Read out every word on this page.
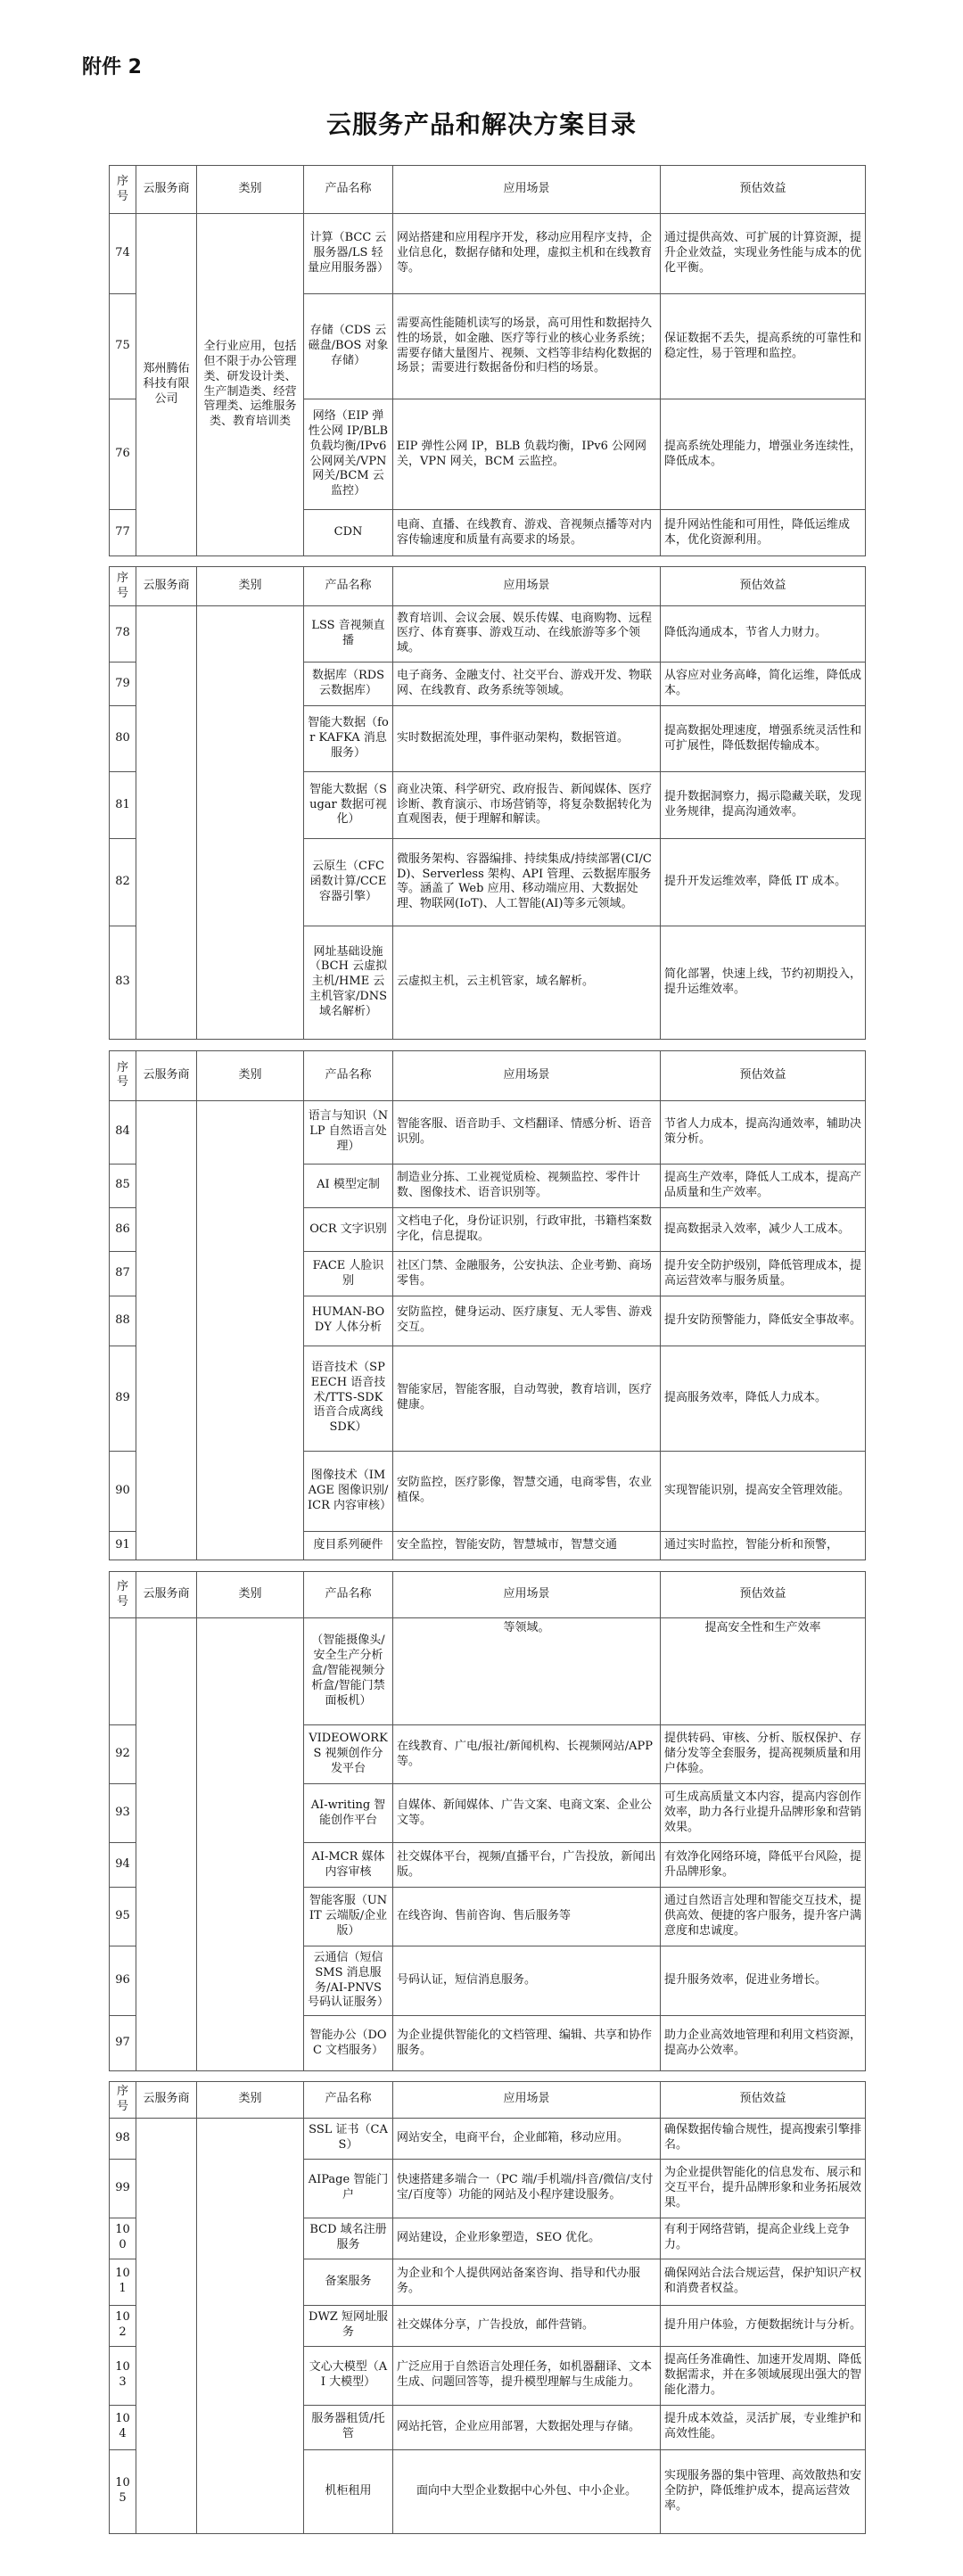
附件 2
云服务产品和解决方案目录
序号	云服务商	类别	产品名称	应用场景	预估效益
74	郑州腾佑科技有限公司	全行业应用，包括但不限于办公管理类、研发设计类、生产制造类、经营管理类、运维服务类、教育培训类	计算（BCC 云服务器/LS 轻量应用服务器）	网站搭建和应用程序开发，移动应用程序支持，企业信息化，数据存储和处理，虚拟主机和在线教育等。	通过提供高效、可扩展的计算资源，提升企业效益，实现业务性能与成本的优化平衡。
75			存储（CDS 云磁盘/BOS 对象存储）	需要高性能随机读写的场景，高可用性和数据持久性的场景，如金融、医疗等行业的核心业务系统；需要存储大量图片、视频、文档等非结构化数据的场景；需要进行数据备份和归档的场景。	保证数据不丢失，提高系统的可靠性和稳定性，易于管理和监控。
76			网络（EIP 弹性公网 IP/BLB 负载均衡/IPv6 公网网关/VPN 网关/BCM 云监控）	EIP 弹性公网 IP，BLB 负载均衡，IPv6 公网网关，VPN 网关，BCM 云监控。	提高系统处理能力，增强业务连续性，降低成本。
77			CDN	电商、直播、在线教育、游戏、音视频点播等对内容传输速度和质量有高要求的场景。	提升网站性能和可用性，降低运维成本，优化资源利用。
序号	云服务商	类别	产品名称	应用场景	预估效益
78			LSS 音视频直播	教育培训、会议会展、娱乐传媒、电商购物、远程医疗、体育赛事、游戏互动、在线旅游等多个领域。	降低沟通成本，节省人力财力。
79			数据库（RDS 云数据库）	电子商务、金融支付、社交平台、游戏开发、物联网、在线教育、政务系统等领域。	从容应对业务高峰，简化运维，降低成本。
80			智能大数据（for KAFKA 消息服务）	实时数据流处理，事件驱动架构，数据管道。	提高数据处理速度，增强系统灵活性和可扩展性，降低数据传输成本。
81			智能大数据（Sugar 数据可视化）	商业决策、科学研究、政府报告、新闻媒体、医疗诊断、教育演示、市场营销等，将复杂数据转化为直观图表，便于理解和解读。	提升数据洞察力，揭示隐藏关联，发现业务规律，提高沟通效率。
82			云原生（CFC 函数计算/CCE 容器引擎）	微服务架构、容器编排、持续集成/持续部署(CI/CD)、Serverless 架构、API 管理、云数据库服务等。涵盖了 Web 应用、移动端应用、大数据处理、物联网(IoT)、人工智能(AI)等多元领域。	提升开发运维效率，降低 IT 成本。
83			网址基础设施（BCH 云虚拟主机/HME 云主机管家/DNS 域名解析）	云虚拟主机，云主机管家，域名解析。	简化部署，快速上线，节约初期投入，提升运维效率。
序号	云服务商	类别	产品名称	应用场景	预估效益
84			语言与知识（NLP 自然语言处理）	智能客服、语音助手、文档翻译、情感分析、语音识别。	节省人力成本，提高沟通效率，辅助决策分析。
85			AI 模型定制	制造业分拣、工业视觉质检、视频监控、零件计数、图像技术、语音识别等。	提高生产效率，降低人工成本，提高产品质量和生产效率。
86			OCR 文字识别	文档电子化，身份证识别，行政审批，书籍档案数字化，信息提取。	提高数据录入效率，减少人工成本。
87			FACE 人脸识别	社区门禁、金融服务，公安执法、企业考勤、商场零售。	提升安全防护级别，降低管理成本，提高运营效率与服务质量。
88			HUMAN-BODY 人体分析	安防监控，健身运动、医疗康复、无人零售、游戏交互。	提升安防预警能力，降低安全事故率。
89			语音技术（SPEECH 语音技术/TTS-SDK 语音合成离线 SDK）	智能家居，智能客服，自动驾驶，教育培训，医疗健康。	提高服务效率，降低人力成本。
90			图像技术（IMAGE 图像识别/ICR 内容审核）	安防监控，医疗影像，智慧交通，电商零售，农业植保。	实现智能识别，提高安全管理效能。
91			度目系列硬件	安全监控，智能安防，智慧城市，智慧交通	通过实时监控，智能分析和预警，
序号	云服务商	类别	产品名称	应用场景	预估效益
			（智能摄像头/安全生产分析盒/智能视频分析盒/智能门禁面板机）	等领域。	提高安全性和生产效率
92			VIDEOWORKS 视频创作分发平台	在线教育、广电/报社/新闻机构、长视频网站/APP 等。	提供转码、审核、分析、版权保护、存储分发等全套服务，提高视频质量和用户体验。
93			AI-writing 智能创作平台	自媒体、新闻媒体、广告文案、电商文案、企业公文等。	可生成高质量文本内容，提高内容创作效率，助力各行业提升品牌形象和营销效果。
94			AI-MCR 媒体内容审核	社交媒体平台，视频/直播平台，广告投放，新闻出版。	有效净化网络环境，降低平台风险，提升品牌形象。
95			智能客服（UNIT 云端版/企业版）	在线咨询、售前咨询、售后服务等	通过自然语言处理和智能交互技术，提供高效、便捷的客户服务，提升客户满意度和忠诚度。
96			云通信（短信 SMS 消息服务/AI-PNVS 号码认证服务）	号码认证，短信消息服务。	提升服务效率，促进业务增长。
97			智能办公（DOC 文档服务）	为企业提供智能化的文档管理、编辑、共享和协作服务。	助力企业高效地管理和利用文档资源，提高办公效率。
序号	云服务商	类别	产品名称	应用场景	预估效益
98			SSL 证书（CAS）	网站安全，电商平台，企业邮箱，移动应用。	确保数据传输合规性，提高搜索引擎排名。
99			AIPage 智能门户	快速搭建多端合一（PC 端/手机端/抖音/微信/支付宝/百度等）功能的网站及小程序建设服务。	为企业提供智能化的信息发布、展示和交互平台，提升品牌形象和业务拓展效果。
100			BCD 域名注册服务	网站建设，企业形象塑造，SEO 优化。	有利于网络营销，提高企业线上竞争力。
101			备案服务	为企业和个人提供网站备案咨询、指导和代办服务。	确保网站合法合规运营，保护知识产权和消费者权益。
102			DWZ 短网址服务	社交媒体分享，广告投放，邮件营销。	提升用户体验，方便数据统计与分析。
103			文心大模型（AI 大模型）	广泛应用于自然语言处理任务，如机器翻译、文本生成、问题回答等，提升模型理解与生成能力。	提高任务准确性、加速开发周期、降低数据需求，并在多领域展现出强大的智能化潜力。
104			服务器租赁/托管	网站托管，企业应用部署，大数据处理与存储。	提升成本效益，灵活扩展，专业维护和高效性能。
105			机柜租用	面向中大型企业数据中心外包、中小企业。	实现服务器的集中管理、高效散热和安全防护，降低维护成本，提高运营效率。
